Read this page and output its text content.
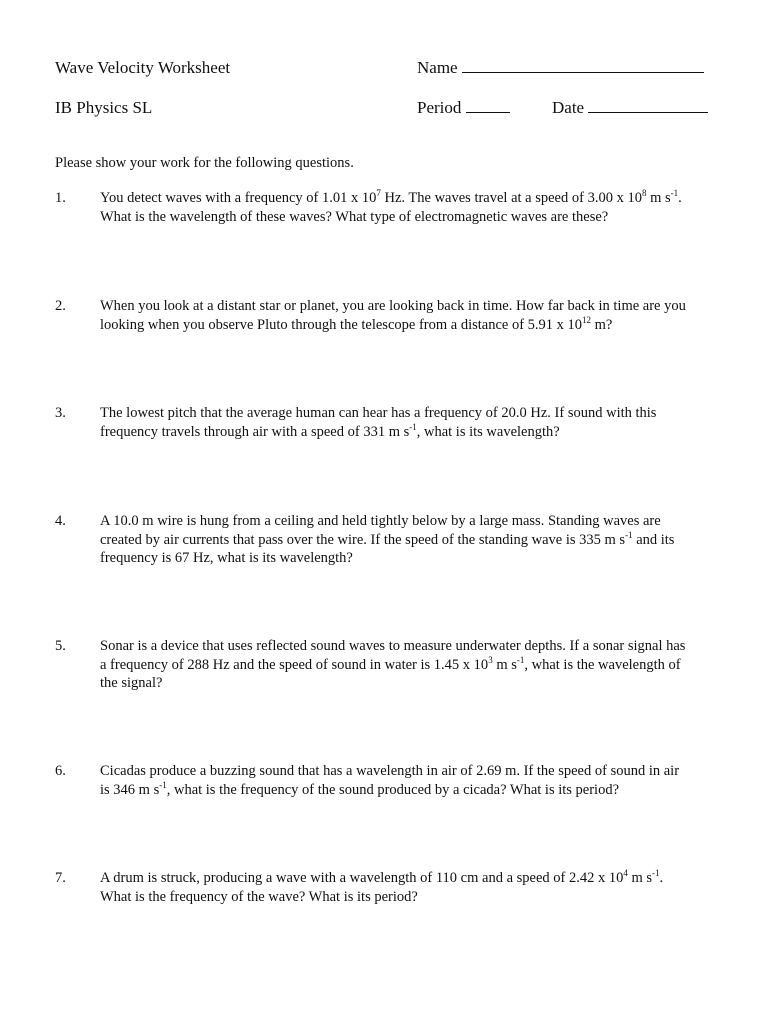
Wave Velocity Worksheet	Name
IB Physics SL	Period	Date
Please show your work for the following questions.
1. You detect waves with a frequency of 1.01 x $10^7$ Hz. The waves travel at a speed of 3.00 x $10^8$ m $s^{-1}$.
What is the wavelength of these waves? What type of electromagnetic waves are these?
2. When you look at a distant star or planet, you are looking back in time. How far back in time are you
looking when you observe Pluto through the telescope from a distance of 5.91 x $10^{12}$ m?
3. The lowest pitch that the average human can hear has a frequency of 20.0 Hz. If sound with this
frequency travels through air with a speed of 331 m $s^{-1}$, what is its wavelength?
4. A 10.0 m wire is hung from a ceiling and held tightly below by a large mass. Standing waves are
created by air currents that pass over the wire. If the speed of the standing wave is 335 m $s^{-1}$ and its
frequency is 67 Hz, what is its wavelength?
5. Sonar is a device that uses reflected sound waves to measure underwater depths. If a sonar signal has
a frequency of 288 Hz and the speed of sound in water is 1.45 x $10^3$ m $s^{-1}$, what is the wavelength of
the signal?
6. Cicadas produce a buzzing sound that has a wavelength in air of 2.69 m. If the speed of sound in air
is 346 m $s^{-1}$, what is the frequency of the sound produced by a cicada? What is its period?
7. A drum is struck, producing a wave with a wavelength of 110 cm and a speed of 2.42 x $10^4$ m $s^{-1}$.
What is the frequency of the wave? What is its period?
